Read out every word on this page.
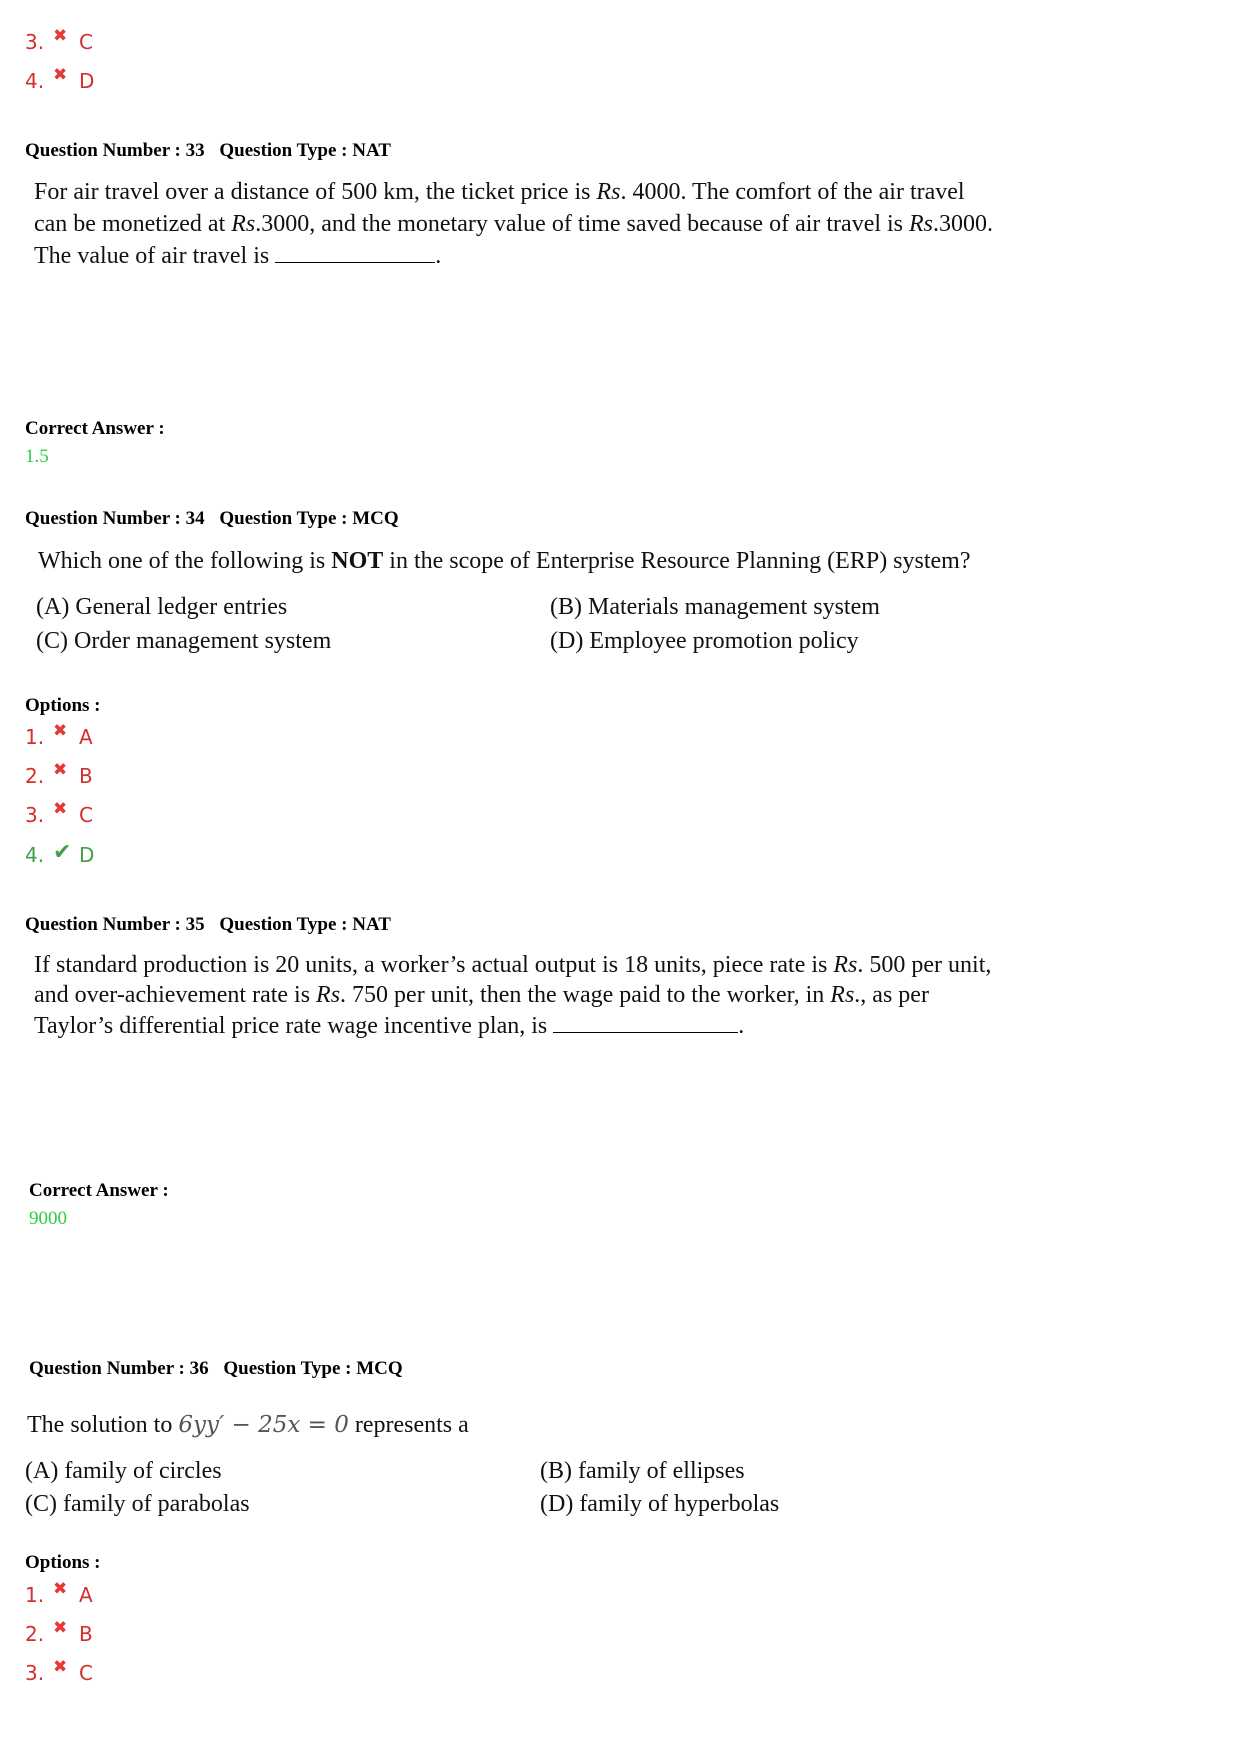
3. ✖ C
4. ✖ D
Question Number : 33 Question Type : NAT
For air travel over a distance of 500 km, the ticket price is Rs. 4000. The comfort of the air travel
can be monetized at Rs.3000, and the monetary value of time saved because of air travel is Rs.3000.
The value of air travel is	.
Correct Answer :
1.5
Question Number : 34 Question Type : MCQ
Which one of the following is NOT in the scope of Enterprise Resource Planning (ERP) system?
(A) General ledger entries	(B) Materials management system
(C) Order management system	(D) Employee promotion policy
Options :
1. ✖ A
2. ✖ B
3. ✖ C
4. ✔ D
Question Number : 35 Question Type : NAT
If standard production is 20 units, a worker’s actual output is 18 units, piece rate is Rs. 500 per unit,
and over-achievement rate is Rs. 750 per unit, then the wage paid to the worker, in Rs., as per
Taylor’s differential price rate wage incentive plan, is	.
Correct Answer :
9000
Question Number : 36 Question Type : MCQ
The solution to 6yy′ − 25x = 0 represents a
(A) family of circles	(B) family of ellipses
(C) family of parabolas	(D) family of hyperbolas
Options :
1. ✖ A
2. ✖ B
3. ✖ C
